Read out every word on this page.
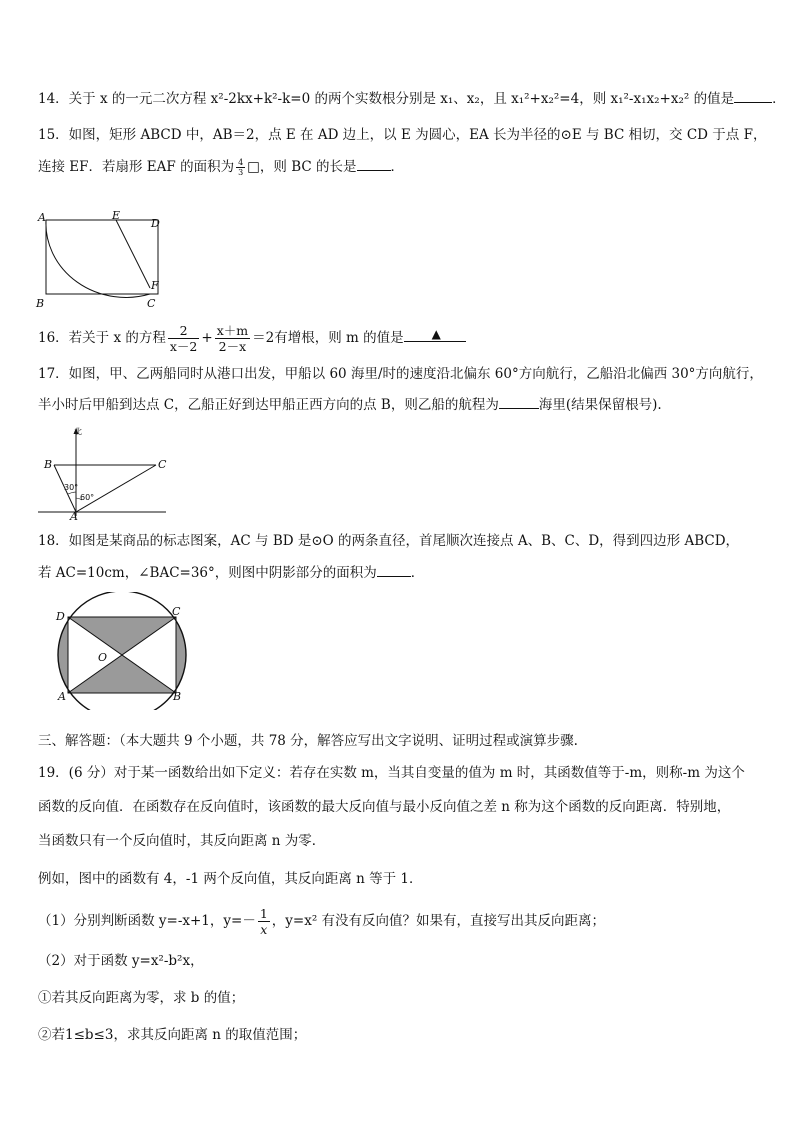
14．关于 x 的一元二次方程 x²-2kx+k²-k=0 的两个实数根分别是 x₁、x₂，且 x₁²+x₂²=4，则 x₁²-x₁x₂+x₂² 的值是	．
15．如图，矩形 ABCD 中，AB＝2，点 E 在 AD 边上，以 E 为圆心，EA 长为半径的⊙E 与 BC 相切，交 CD 于点 F，
连接 EF．若扇形 EAF 的面积为 $\frac{4}{3}$ □，则 BC 的长是	．
A	E
D
B	C
F
16．若关于 x 的方程 $\frac{2}{x-2} + \frac{x+m}{2-x} =2$有增根，则 m 的值是 ▲
17．如图，甲、乙两船同时从港口出发，甲船以 60 海里/时的速度沿北偏东 60°方向航行，乙船沿北偏西 30°方向航行，
半小时后甲船到达点 C，乙船正好到达甲船正西方向的点 B，则乙船的航程为	海里(结果保留根号).
北
B	C
A
30°
60°
18．如图是某商品的标志图案，AC 与 BD 是⊙O 的两条直径，首尾顺次连接点 A、B、C、D，得到四边形 ABCD，
若 AC=10cm，∠BAC=36°，则图中阴影部分的面积为	．
D	C
O
A	B
三、解答题：（本大题共 9 个小题，共 78 分，解答应写出文字说明、证明过程或演算步骤.
19．(6 分）对于某一函数给出如下定义：若存在实数 m，当其自变量的值为 m 时，其函数值等于-m，则称-m 为这个
函数的反向值．在函数存在反向值时，该函数的最大反向值与最小反向值之差 n 称为这个函数的反向距离．特别地，
当函数只有一个反向值时，其反向距离 n 为零．
例如，图中的函数有 4，-1 两个反向值，其反向距离 n 等于 1．
（1）分别判断函数 y=-x+1，$y=- \frac{1}{x}$ ，y=x² 有没有反向值？如果有，直接写出其反向距离；
（2）对于函数 y=x²-b²x，
①若其反向距离为零，求 b 的值；
②若1≤b≤3，求其反向距离 n 的取值范围；
